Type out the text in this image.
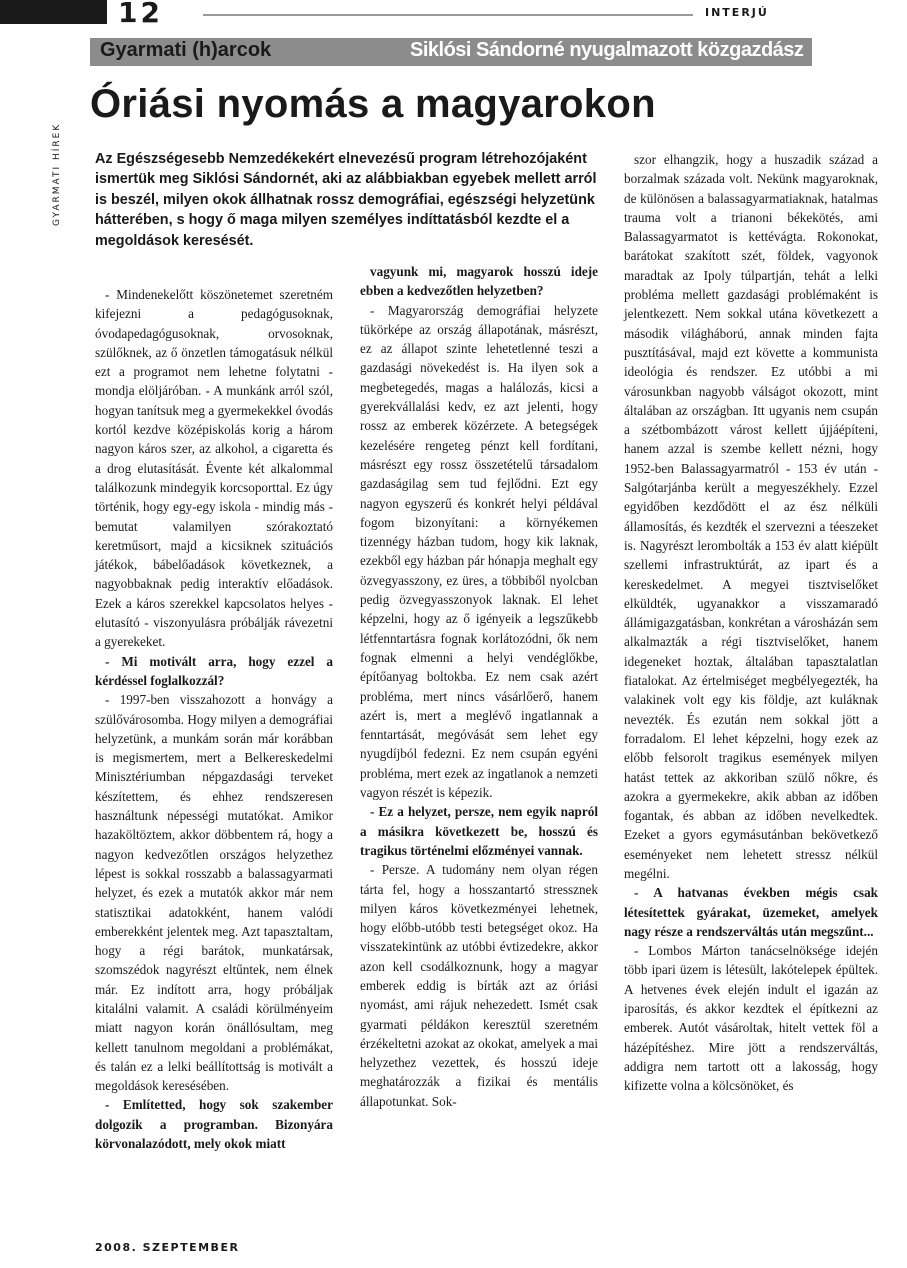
12	INTERJÚ
Gyarmati (h)arcok	Siklósi Sándorné nyugalmazott közgazdász
GYARMATI HÍREK
Óriási nyomás a magyarokon

Az Egészségesebb Nemzedékekért elnevezésű program létrehozójaként ismertük meg Siklósi Sándornét, aki az alábbiakban egyebek mellett arról is beszél, milyen okok állhatnak rossz demográfiai, egészségi helyzetünk hátterében, s hogy ő maga milyen személyes indíttatásból kezdte el a megoldások keresését.

- Mindenekelőtt köszönetemet szeretném kifejezni a pedagógusoknak, óvodapedagógusoknak, orvosoknak, szülőknek, az ő önzetlen támogatásuk nélkül ezt a programot nem lehetne folytatni - mondja elöljáróban. - A munkánk arról szól, hogyan tanítsuk meg a gyermekekkel óvodás kortól kezdve középiskolás korig a három nagyon káros szer, az alkohol, a cigaretta és a drog elutasítását. Évente két alkalommal találkozunk mindegyik korcsoporttal. Ez úgy történik, hogy egy-egy iskola - mindig más - bemutat valamilyen szórakoztató keretműsort, majd a kicsiknek szituációs játékok, bábelőadások következnek, a nagyobbaknak pedig interaktív előadások. Ezek a káros szerekkel kapcsolatos helyes - elutasító - viszonyulásra próbálják rávezetni a gyerekeket.

- Mi motivált arra, hogy ezzel a kérdéssel foglalkozzál?

- 1997-ben visszahozott a honvágy a szülővárosomba. Hogy milyen a demográfiai helyzetünk, a munkám során már korábban is megismertem, mert a Belkereskedelmi Minisztériumban népgazdasági terveket készítettem, és ehhez rendszeresen használtunk népességi mutatókat. Amikor hazaköltöztem, akkor döbbentem rá, hogy a nagyon kedvezőtlen országos helyzethez lépest is sokkal rosszabb a balassagyarmati helyzet, és ezek a mutatók akkor már nem statisztikai adatokként, hanem valódi emberekként jelentek meg. Azt tapasztaltam, hogy a régi barátok, munkatársak, szomszédok nagyrészt eltűntek, nem élnek már. Ez indított arra, hogy próbáljak kitalálni valamit. A családi körülményeim miatt nagyon korán önállósultam, meg kellett tanulnom megoldani a problémákat, és talán ez a lelki beállítottság is motivált a megoldások keresésében.

- Említetted, hogy sok szakember dolgozik a programban. Bizonyára körvonalazódott, mely okok miatt

vagyunk mi, magyarok hosszú ideje ebben a kedvezőtlen helyzetben?

- Magyarország demográfiai helyzete tükörképe az ország állapotának, másrészt, ez az állapot szinte lehetetlenné teszi a gazdasági növekedést is. Ha ilyen sok a megbetegedés, magas a halálozás, kicsi a gyerekvállalási kedv, ez azt jelenti, hogy rossz az emberek közérzete. A betegségek kezelésére rengeteg pénzt kell fordítani, másrészt egy rossz összetételű társadalom gazdaságilag sem tud fejlődni. Ezt egy nagyon egyszerű és konkrét helyi példával fogom bizonyítani: a környékemen tizennégy házban tudom, hogy kik laknak, ezekből egy házban pár hónapja meghalt egy özvegyasszony, ez üres, a többiből nyolcban pedig özvegyasszonyok laknak. El lehet képzelni, hogy az ő igényeik a legszűkebb létfenntartásra fognak korlátozódni, ők nem fognak elmenni a helyi vendéglőkbe, építőanyag boltokba. Ez nem csak azért probléma, mert nincs vásárlőerő, hanem azért is, mert a meglévő ingatlannak a fenntartását, megóvását sem lehet egy nyugdíjból fedezni. Ez nem csupán egyéni probléma, mert ezek az ingatlanok a nemzeti vagyon részét is képezik.

- Ez a helyzet, persze, nem egyik napról a másikra következett be, hosszú és tragikus történelmi előzményei vannak.

- Persze. A tudomány nem olyan régen tárta fel, hogy a hosszantartó stressznek milyen káros következményei lehetnek, hogy előbb-utóbb testi betegséget okoz. Ha visszatekintünk az utóbbi évtizedekre, akkor azon kell csodálkoznunk, hogy a magyar emberek eddig is bírták azt az óriási nyomást, ami rájuk nehezedett. Ismét csak gyarmati példákon keresztül szeretném érzékeltetni azokat az okokat, amelyek a mai helyzethez vezettek, és hosszú ideje meghatározzák a fizikai és mentális állapotunkat. Sok-

szor elhangzik, hogy a huszadik század a borzalmak százada volt. Nekünk magyaroknak, de különösen a balassagyarmatiaknak, hatalmas trauma volt a trianoni békekötés, ami Balassagyarmatot is kettévágta. Rokonokat, barátokat szakított szét, földek, vagyonok maradtak az Ipoly túlpartján, tehát a lelki probléma mellett gazdasági problémaként is jelentkezett. Nem sokkal utána következett a második világháború, annak minden fajta pusztításával, majd ezt követte a kommunista ideológia és rendszer. Ez utóbbi a mi városunkban nagyobb válságot okozott, mint általában az országban. Itt ugyanis nem csupán a szétbombázott várost kellett újjáépíteni, hanem azzal is szembe kellett nézni, hogy 1952-ben Balassagyarmatról - 153 év után - Salgótarjánba került a megyeszékhely. Ezzel egyidőben kezdődött el az ész nélküli államosítás, és kezdték el szervezni a téeszeket is. Nagyrészt lerombolták a 153 év alatt kiépült szellemi infrastruktúrát, az ipart és a kereskedelmet. A megyei tisztviselőket elküldték, ugyanakkor a visszamaradó állámigazgatásban, konkrétan a városházán sem alkalmazták a régi tisztviselőket, hanem idegeneket hoztak, általában tapasztalatlan fiatalokat. Az értelmiséget megbélyegezték, ha valakinek volt egy kis földje, azt kuláknak nevezték. És ezután nem sokkal jött a forradalom. El lehet képzelni, hogy ezek az előbb felsorolt tragikus események milyen hatást tettek az akkoriban szülő nőkre, és azokra a gyermekekre, akik abban az időben fogantak, és abban az időben nevelkedtek. Ezeket a gyors egymásutánban bekövetkező eseményeket nem lehetett stressz nélkül megélni.

- A hatvanas években mégis csak létesítettek gyárakat, üzemeket, amelyek nagy része a rendszerváltás után megszűnt...

- Lombos Márton tanácselnöksége idején több ipari üzem is létesült, lakótelepek épültek. A hetvenes évek elején indult el igazán az iparosítás, és akkor kezdtek el építkezni az emberek. Autót vásároltak, hitelt vettek föl a házépítéshez. Mire jött a rendszerváltás, addigra nem tartott ott a lakosság, hogy kifizette volna a kölcsönöket, és

2008. SZEPTEMBER
